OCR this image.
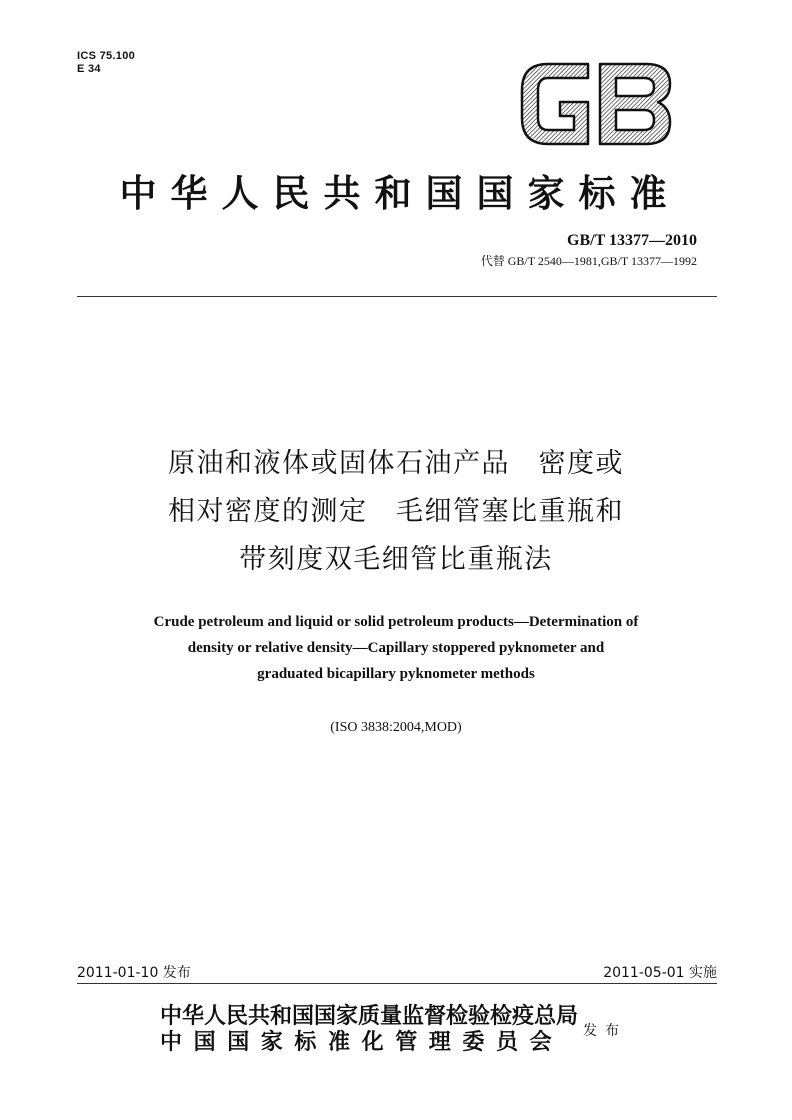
ICS 75.100
E 34
中华人民共和国国家标准
GB/T 13377—2010
代替 GB/T 2540—1981,GB/T 13377—1992
原油和液体或固体石油产品　密度或
相对密度的测定　毛细管塞比重瓶和
带刻度双毛细管比重瓶法
Crude petroleum and liquid or solid petroleum products—Determination of
density or relative density—Capillary stoppered pyknometer and
graduated bicapillary pyknometer methods
(ISO 3838:2004,MOD)
2011-01-10 发布	2011-05-01 实施
中华人民共和国国家质量监督检验检疫总局
中国国家标准化管理委员会	发布
